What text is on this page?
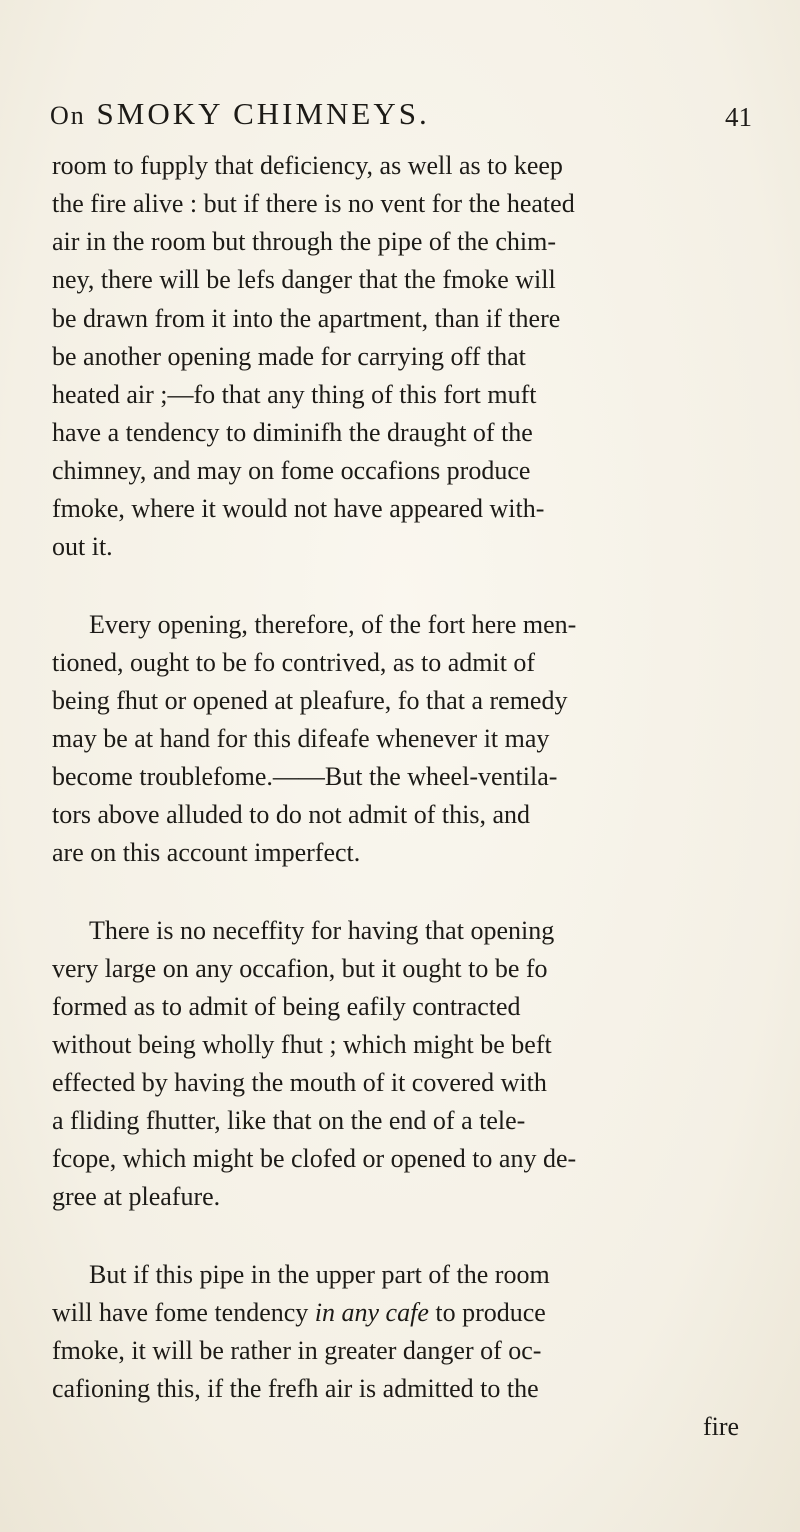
On SMOKY CHIMNEYS.	41
room to fupply that deficiency, as well as to keep
the fire alive : but if there is no vent for the heated
air in the room but through the pipe of the chim-
ney, there will be lefs danger that the fmoke will
be drawn from it into the apartment, than if there
be another opening made for carrying off that
heated air ;—fo that any thing of this fort muft
have a tendency to diminifh the draught of the
chimney, and may on fome occafions produce
fmoke, where it would not have appeared with-
out it.
Every opening, therefore, of the fort here men-
tioned, ought to be fo contrived, as to admit of
being fhut or opened at pleafure, fo that a remedy
may be at hand for this difeafe whenever it may
become troublefome.——But the wheel-ventila-
tors above alluded to do not admit of this, and
are on this account imperfect.
There is no neceffity for having that opening
very large on any occafion, but it ought to be fo
formed as to admit of being eafily contracted
without being wholly fhut ; which might be beft
effected by having the mouth of it covered with
a fliding fhutter, like that on the end of a tele-
fcope, which might be clofed or opened to any de-
gree at pleafure.
But if this pipe in the upper part of the room
will have fome tendency in any cafe to produce
fmoke, it will be rather in greater danger of oc-
cafioning this, if the frefh air is admitted to the
fire
